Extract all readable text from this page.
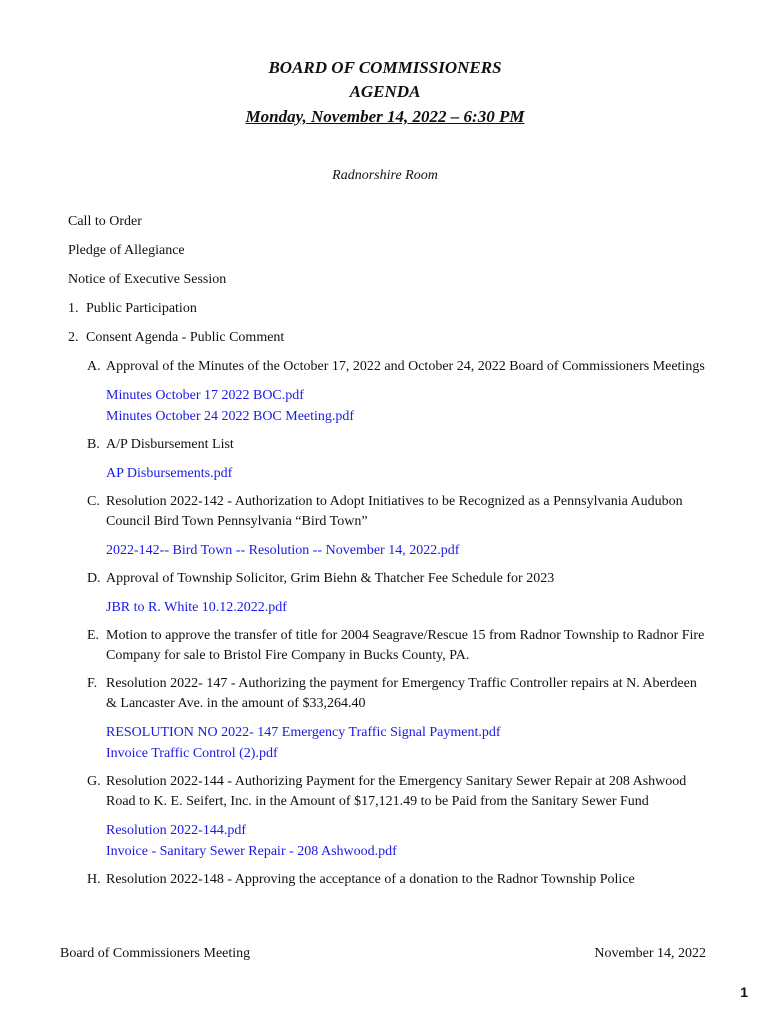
BOARD OF COMMISSIONERS
AGENDA
Monday, November 14, 2022 – 6:30 PM
Radnorshire Room
Call to Order
Pledge of Allegiance
Notice of Executive Session
1. Public Participation
2. Consent Agenda - Public Comment
A. Approval of the Minutes of the October 17, 2022 and October 24, 2022 Board of Commissioners Meetings
Minutes October 17 2022 BOC.pdf
Minutes October 24 2022 BOC Meeting.pdf
B. A/P Disbursement List
AP Disbursements.pdf
C. Resolution 2022-142 - Authorization to Adopt Initiatives to be Recognized as a Pennsylvania Audubon Council Bird Town Pennsylvania “Bird Town”
2022-142-- Bird Town -- Resolution -- November 14, 2022.pdf
D. Approval of Township Solicitor, Grim Biehn & Thatcher Fee Schedule for 2023
JBR to R. White 10.12.2022.pdf
E. Motion to approve the transfer of title for 2004 Seagrave/Rescue 15 from Radnor Township to Radnor Fire Company for sale to Bristol Fire Company in Bucks County, PA.
F. Resolution 2022- 147 - Authorizing the payment for Emergency Traffic Controller repairs at N. Aberdeen & Lancaster Ave. in the amount of $33,264.40
RESOLUTION NO 2022- 147 Emergency Traffic Signal Payment.pdf
Invoice Traffic Control (2).pdf
G. Resolution 2022-144 - Authorizing Payment for the Emergency Sanitary Sewer Repair at 208 Ashwood Road to K. E. Seifert, Inc. in the Amount of $17,121.49 to be Paid from the Sanitary Sewer Fund
Resolution 2022-144.pdf
Invoice - Sanitary Sewer Repair - 208 Ashwood.pdf
H. Resolution 2022-148 - Approving the acceptance of a donation to the Radnor Township Police
Board of Commissioners Meeting	November 14, 2022
1
